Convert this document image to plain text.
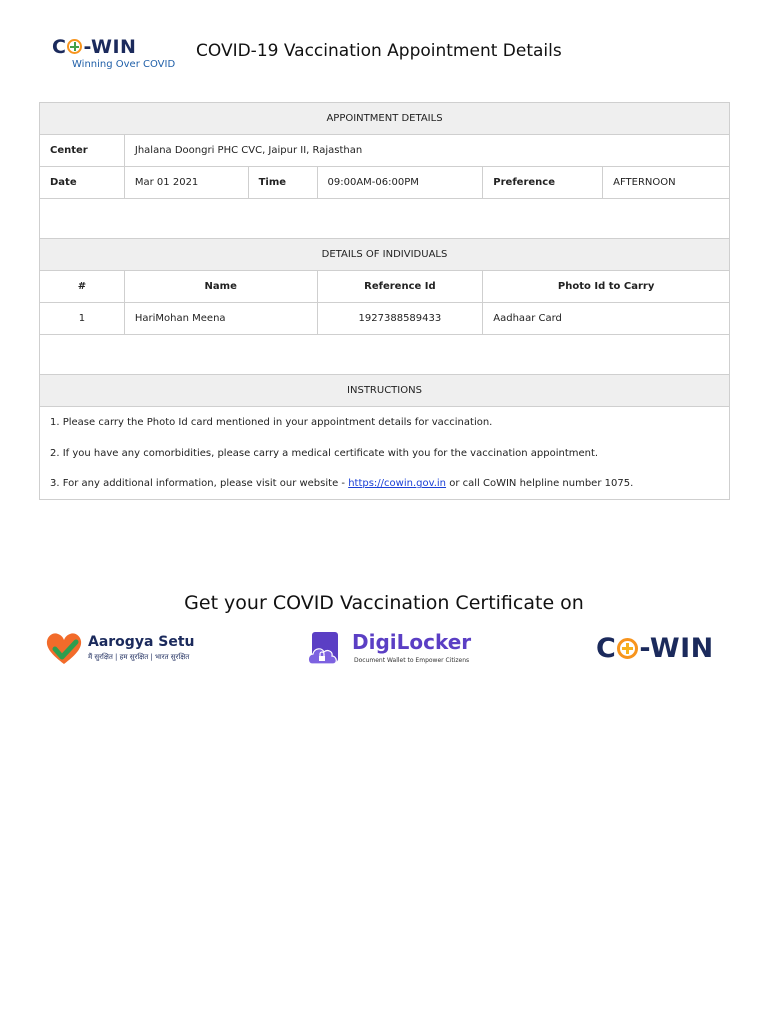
C -WIN
Winning Over COVID
COVID-19 Vaccination Appointment Details
APPOINTMENT DETAILS					
Center	Jhalana Doongri PHC CVC, Jaipur II, Rajasthan				
Date	Mar 01 2021	Time	09:00AM-06:00PM	Preference	AFTERNOON

DETAILS OF INDIVIDUALS					
#	Name		Reference Id	Photo Id to Carry	
1	HariMohan Meena		1927388589433	Aadhaar Card	

INSTRUCTIONS					
1. Please carry the Photo Id card mentioned in your appointment details for vaccination.					
2. If you have any comorbidities, please carry a medical certificate with you for the vaccination appointment.					
3. For any additional information, please visit our website - https://cowin.gov.in or call CoWIN helpline number 1075.					
Get your COVID Vaccination Certificate on
Aarogya Setu
मैं सुरक्षित | हम सुरक्षित | भारत सुरक्षित
DigiLocker
Document Wallet to Empower Citizens	C -WIN
